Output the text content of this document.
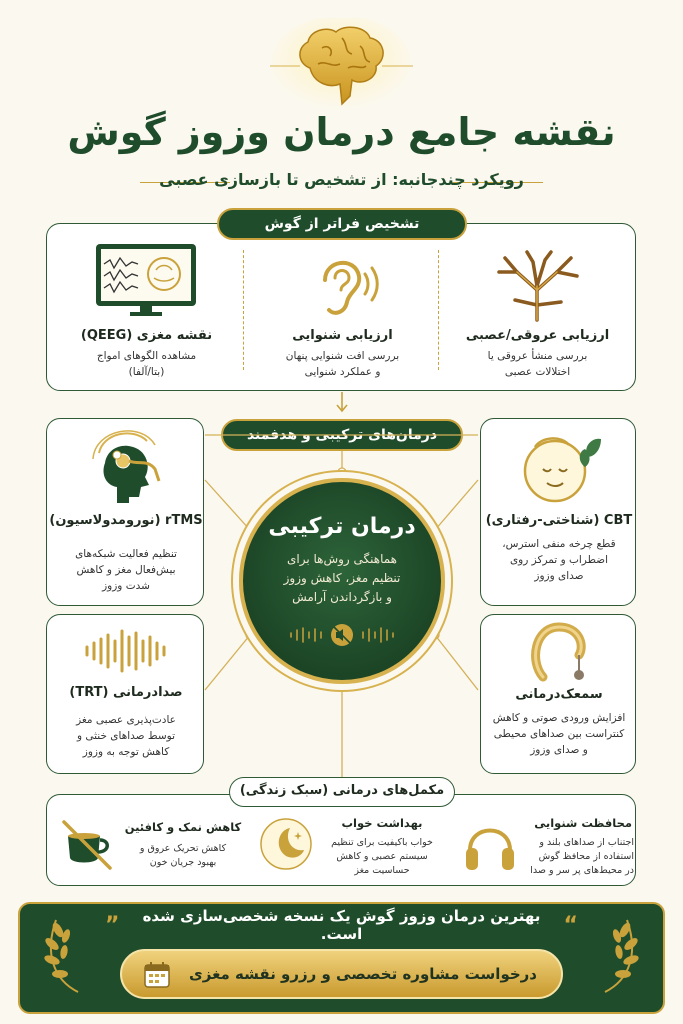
نقشه جامع درمان وزوز گوش
رویکرد چندجانبه: از تشخیص تا بازسازی عصبی
تشخیص فراتر از گوش
ارزیابی عروقی/عصبی
بررسی منشأ عروقی یا
اختلالات عصبی
ارزیابی شنوایی
بررسی افت شنوایی پنهان
و عملکرد شنوایی
نقشه مغزی (QEEG)
مشاهده الگوهای امواج
(بتا/آلفا)
درمان‌های ترکیبی و هدفمند
CBT (شناختی-رفتاری)
قطع چرخه منفی استرس،
اضطراب و تمرکز روی
صدای وزوز
rTMS (نورومدولاسیون)
تنظیم فعالیت شبکه‌های
بیش‌فعال مغز و کاهش
شدت وزوز
سمعک‌درمانی
افزایش ورودی صوتی و کاهش
کنتراست بین صداهای محیطی
و صدای وزوز
صدادرمانی (TRT)
عادت‌پذیری عصبی مغز
توسط صداهای خنثی و
کاهش توجه به وزوز
درمان ترکیبی
هماهنگی روش‌ها برای
تنظیم مغز، کاهش وزوز
و بازگرداندن آرامش
مکمل‌های درمانی (سبک زندگی)
محافظت شنوایی
اجتناب از صداهای بلند و
استفاده از محافظ گوش
در محیط‌های پر سر و صدا
بهداشت خواب
خواب باکیفیت برای تنظیم
سیستم عصبی و کاهش
حساسیت مغز
کاهش نمک و کافئین
کاهش تحریک عروق و
بهبود جریان خون
“
بهترین درمان وزوز گوش یک نسخه شخصی‌سازی شده است.
”
درخواست مشاوره تخصصی و رزرو نقشه مغزی
